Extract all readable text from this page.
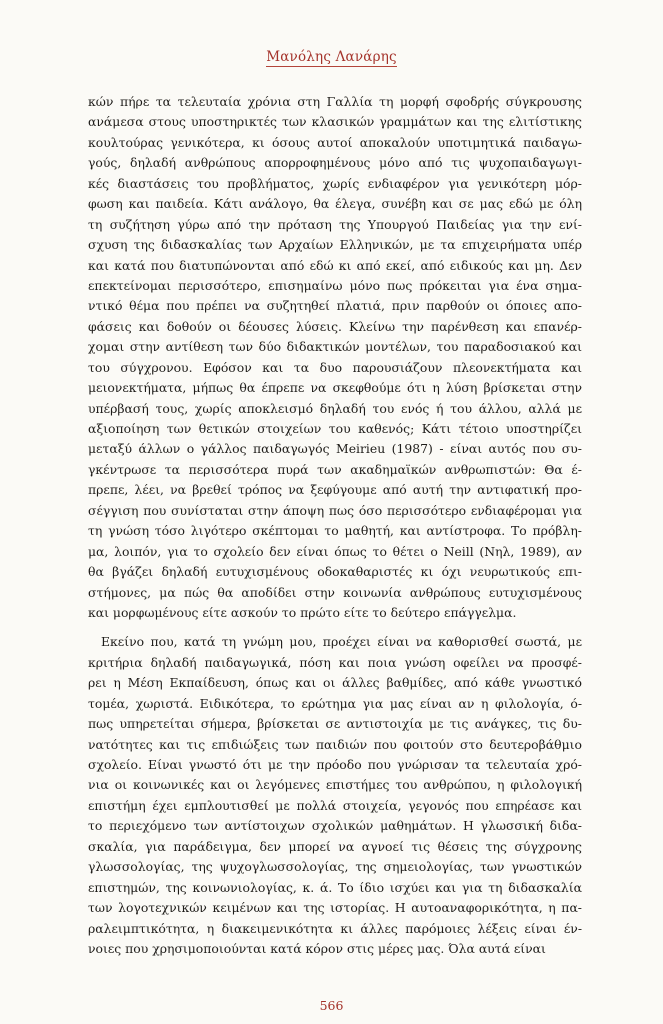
Μανόλης Λανάρης
κών πήρε τα τελευταία χρόνια στη Γαλλία τη μορφή σφοδρής σύγκρουσης
ανάμεσα στους υποστηρικτές των κλασικών γραμμάτων και της ελιτίστικης
κουλτούρας γενικότερα, κι όσους αυτοί αποκαλούν υποτιμητικά παιδαγω-
γούς, δηλαδή ανθρώπους απορροφημένους μόνο από τις ψυχοπαιδαγωγι-
κές διαστάσεις του προβλήματος, χωρίς ενδιαφέρον για γενικότερη μόρ-
φωση και παιδεία. Κάτι ανάλογο, θα έλεγα, συνέβη και σε μας εδώ με όλη
τη συζήτηση γύρω από την πρόταση της Υπουργού Παιδείας για την ενί-
σχυση της διδασκαλίας των Αρχαίων Ελληνικών, με τα επιχειρήματα υπέρ
και κατά που διατυπώνονται από εδώ κι από εκεί, από ειδικούς και μη. Δεν
επεκτείνομαι περισσότερο, επισημαίνω μόνο πως πρόκειται για ένα σημα-
ντικό θέμα που πρέπει να συζητηθεί πλατιά, πριν παρθούν οι όποιες απο-
φάσεις και δοθούν οι δέουσες λύσεις. Κλείνω την παρένθεση και επανέρ-
χομαι στην αντίθεση των δύο διδακτικών μοντέλων, του παραδοσιακού και
του σύγχρονου. Εφόσον και τα δυο παρουσιάζουν πλεονεκτήματα και
μειονεκτήματα, μήπως θα έπρεπε να σκεφθούμε ότι η λύση βρίσκεται στην
υπέρβασή τους, χωρίς αποκλεισμό δηλαδή του ενός ή του άλλου, αλλά με
αξιοποίηση των θετικών στοιχείων του καθενός; Κάτι τέτοιο υποστηρίζει
μεταξύ άλλων ο γάλλος παιδαγωγός Meirieu (1987) - είναι αυτός που συ-
γκέντρωσε τα περισσότερα πυρά των ακαδημαϊκών ανθρωπιστών: Θα έ-
πρεπε, λέει, να βρεθεί τρόπος να ξεφύγουμε από αυτή την αντιφατική προ-
σέγγιση που συνίσταται στην άποψη πως όσο περισσότερο ενδιαφέρομαι για
τη γνώση τόσο λιγότερο σκέπτομαι το μαθητή, και αντίστροφα. Το πρόβλη-
μα, λοιπόν, για το σχολείο δεν είναι όπως το θέτει ο Neill (Νηλ, 1989), αν
θα βγάζει δηλαδή ευτυχισμένους οδοκαθαριστές κι όχι νευρωτικούς επι-
στήμονες, μα πώς θα αποδίδει στην κοινωνία ανθρώπους ευτυχισμένους
και μορφωμένους είτε ασκούν το πρώτο είτε το δεύτερο επάγγελμα.
Εκείνο που, κατά τη γνώμη μου, προέχει είναι να καθορισθεί σωστά, με
κριτήρια δηλαδή παιδαγωγικά, πόση και ποια γνώση οφείλει να προσφέ-
ρει η Μέση Εκπαίδευση, όπως και οι άλλες βαθμίδες, από κάθε γνωστικό
τομέα, χωριστά. Ειδικότερα, το ερώτημα για μας είναι αν η φιλολογία, ό-
πως υπηρετείται σήμερα, βρίσκεται σε αντιστοιχία με τις ανάγκες, τις δυ-
νατότητες και τις επιδιώξεις των παιδιών που φοιτούν στο δευτεροβάθμιο
σχολείο. Είναι γνωστό ότι με την πρόοδο που γνώρισαν τα τελευταία χρό-
νια οι κοινωνικές και οι λεγόμενες επιστήμες του ανθρώπου, η φιλολογική
επιστήμη έχει εμπλουτισθεί με πολλά στοιχεία, γεγονός που επηρέασε και
το περιεχόμενο των αντίστοιχων σχολικών μαθημάτων. Η γλωσσική διδα-
σκαλία, για παράδειγμα, δεν μπορεί να αγνοεί τις θέσεις της σύγχρονης
γλωσσολογίας, της ψυχογλωσσολογίας, της σημειολογίας, των γνωστικών
επιστημών, της κοινωνιολογίας, κ. ά. Το ίδιο ισχύει και για τη διδασκαλία
των λογοτεχνικών κειμένων και της ιστορίας. Η αυτοαναφορικότητα, η πα-
ραλειμπτικότητα, η διακειμενικότητα κι άλλες παρόμοιες λέξεις είναι έν-
νοιες που χρησιμοποιούνται κατά κόρον στις μέρες μας. Όλα αυτά είναι
566
